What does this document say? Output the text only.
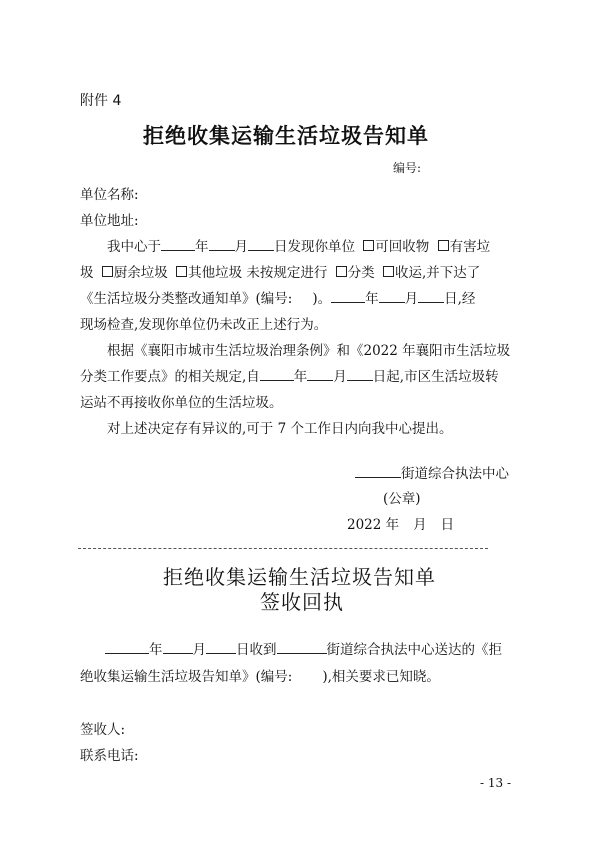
附件 4
拒绝收集运输生活垃圾告知单
编号:
单位名称:
单位地址:
我中心于	年 月 日发现你单位 可回收物 有害垃
圾 厨余垃圾 其他垃圾 未按规定进行 分类 收运,并下达了
《生活垃圾分类整改通知单》(编号: )。	年 月 日,经
现场检查,发现你单位仍未改正上述行为。
根据《襄阳市城市生活垃圾治理条例》和《2022 年襄阳市生活垃圾
分类工作要点》的相关规定,自	年 月 日起,市区生活垃圾转
运站不再接收你单位的生活垃圾。
对上述决定存有异议的,可于 7 个工作日内向我中心提出。
街道综合执法中心
(公章)
2022 年 月 日
拒绝收集运输生活垃圾告知单
签收回执
年 月 日收到	街道综合执法中心送达的《拒
绝收集运输生活垃圾告知单》(编号: ),相关要求已知晓。
签收人:
联系电话:
- 13 -
